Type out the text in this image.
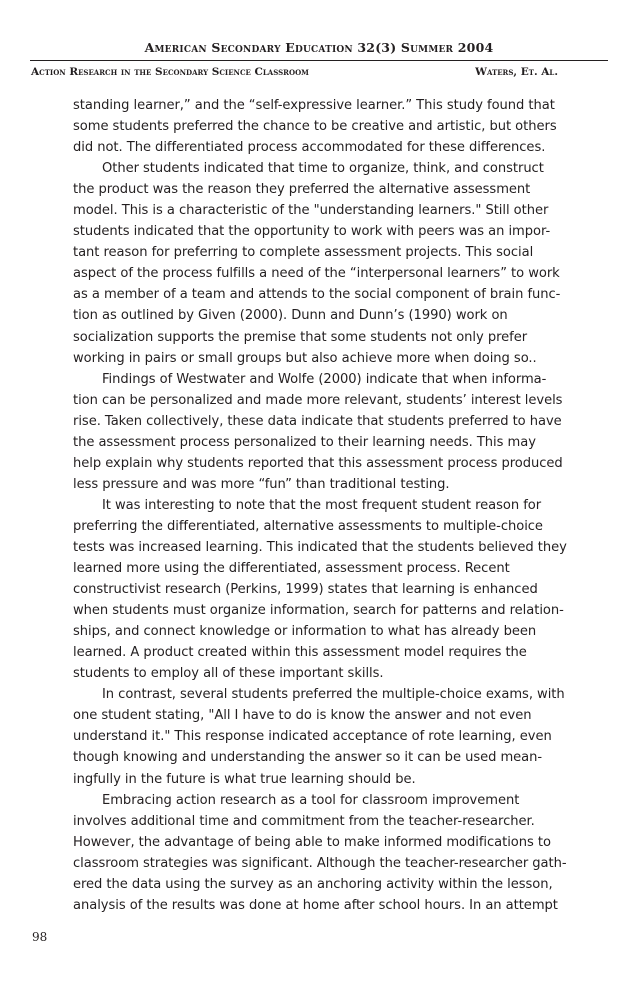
American Secondary Education 32(3) Summer 2004
Action Research in the Secondary Science Classroom	Waters, Et. Al.
standing learner,” and the “self-expressive learner.” This study found that
some students preferred the chance to be creative and artistic, but others
did not. The differentiated process accommodated for these differences.
Other students indicated that time to organize, think, and construct
the product was the reason they preferred the alternative assessment
model. This is a characteristic of the "understanding learners." Still other
students indicated that the opportunity to work with peers was an impor-
tant reason for preferring to complete assessment projects. This social
aspect of the process fulfills a need of the “interpersonal learners” to work
as a member of a team and attends to the social component of brain func-
tion as outlined by Given (2000). Dunn and Dunn’s (1990) work on
socialization supports the premise that some students not only prefer
working in pairs or small groups but also achieve more when doing so..
Findings of Westwater and Wolfe (2000) indicate that when informa-
tion can be personalized and made more relevant, students’ interest levels
rise. Taken collectively, these data indicate that students preferred to have
the assessment process personalized to their learning needs. This may
help explain why students reported that this assessment process produced
less pressure and was more “fun” than traditional testing.
It was interesting to note that the most frequent student reason for
preferring the differentiated, alternative assessments to multiple-choice
tests was increased learning. This indicated that the students believed they
learned more using the differentiated, assessment process. Recent
constructivist research (Perkins, 1999) states that learning is enhanced
when students must organize information, search for patterns and relation-
ships, and connect knowledge or information to what has already been
learned. A product created within this assessment model requires the
students to employ all of these important skills.
In contrast, several students preferred the multiple-choice exams, with
one student stating, "All I have to do is know the answer and not even
understand it." This response indicated acceptance of rote learning, even
though knowing and understanding the answer so it can be used mean-
ingfully in the future is what true learning should be.
Embracing action research as a tool for classroom improvement
involves additional time and commitment from the teacher-researcher.
However, the advantage of being able to make informed modifications to
classroom strategies was significant. Although the teacher-researcher gath-
ered the data using the survey as an anchoring activity within the lesson,
analysis of the results was done at home after school hours. In an attempt
98
